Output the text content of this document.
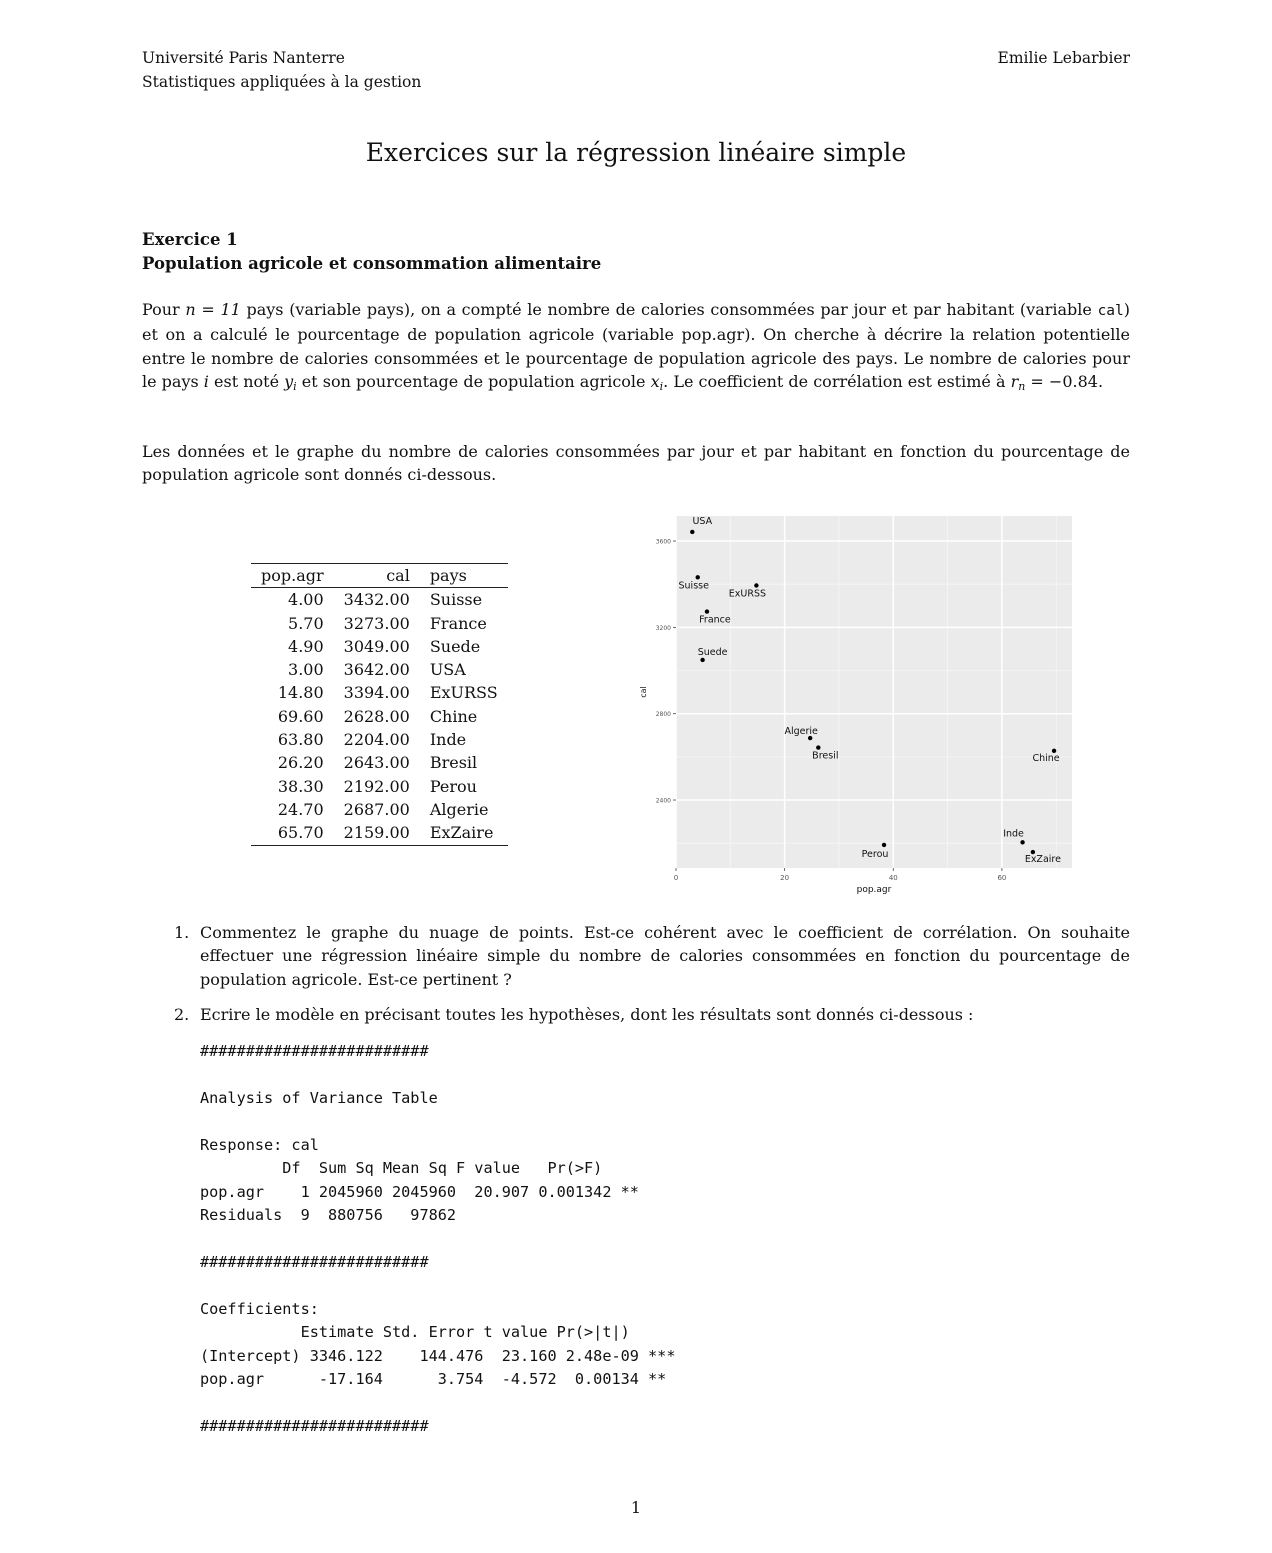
Université Paris Nanterre
Statistiques appliquées à la gestion
Emilie Lebarbier
Exercices sur la régression linéaire simple
Exercice 1
Population agricole et consommation alimentaire

Pour n = 11 pays (variable pays), on a compté le nombre de calories consommées par jour et par habitant (variable cal) et on a calculé le pourcentage de population agricole (variable pop.agr). On cherche à décrire la relation potentielle entre le nombre de calories consommées et le pourcentage de population agricole des pays. Le nombre de calories pour le pays i est noté $y_i$ et son pourcentage de population agricole $x_i$. Le coefficient de corrélation est estimé à $r_n = -0.84$.

Les données et le graphe du nombre de calories consommées par jour et par habitant en fonction du pourcentage de population agricole sont donnés ci-dessous.

pop.agr	cal	pays
4.00	3432.00	Suisse
5.70	3273.00	France
4.90	3049.00	Suede
3.00	3642.00	USA
14.80	3394.00	ExURSS
69.60	2628.00	Chine
63.80	2204.00	Inde
26.20	2643.00	Bresil
38.30	2192.00	Perou
24.70	2687.00	Algerie
65.70	2159.00	ExZaire
0	20	40	60
2400
2800
3200
3600
pop.agr
cal
Suisse
France
Suede
USA
ExURSS
Chine
Inde
Bresil
Perou
Algerie
ExZaire
1. Commentez le graphe du nuage de points. Est-ce cohérent avec le coefficient de corrélation. On souhaite effectuer une régression linéaire simple du nombre de calories consommées en fonction du pourcentage de population agricole. Est-ce pertinent ?
2. Ecrire le modèle en précisant toutes les hypothèses, dont les résultats sont donnés ci-dessous :
#########################

Analysis of Variance Table

Response: cal
Df  Sum Sq Mean Sq F value   Pr(>F)
pop.agr    1 2045960 2045960  20.907 0.001342 **
Residuals  9  880756   97862

#########################

Coefficients:
Estimate Std. Error t value Pr(>|t|)
(Intercept) 3346.122    144.476  23.160 2.48e-09 ***
pop.agr      -17.164      3.754  -4.572  0.00134 **

#########################
1
